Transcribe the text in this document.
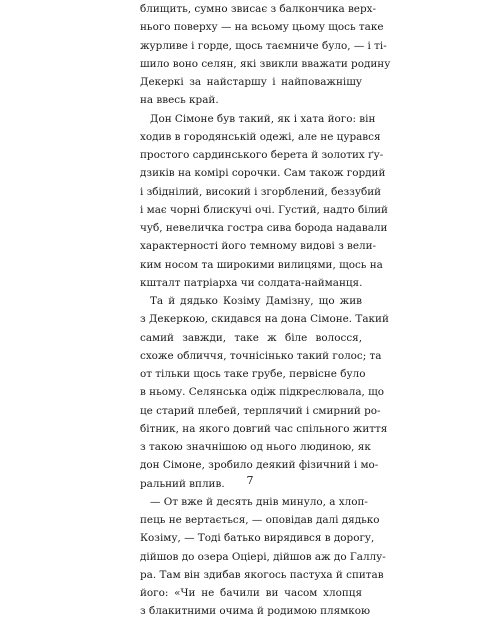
блищить, сумно звисає з балкончика верх-
нього поверху — на всьому цьому щось таке
журливе і горде, щось таємниче було, — і ті-
шило воно селян, які звикли вважати родину
Декеркі за найстаршу і найповажнішу
на ввесь край.
Дон Сімоне був такий, як і хата його: він
ходив в городянській одежі, але не цурався
простого сардинського берета й золотих ґу-
дзиків на комірі сорочки. Сам також гордий
і збіднілий, високий і згорблений, беззубий
і має чорні блискучі очі. Густий, надто білий
чуб, невеличка гостра сива борода надавали
характерності його темному видові з вели-
ким носом та широкими вилицями, щось на
кшталт патріарха чи солдата-найманця.
Та й дядько Козіму Дамізну, що жив
з Декеркою, скидався на дона Сімоне. Такий
самий завжди, таке ж біле волосся,
схоже обличчя, точнісінько такий голос; та
от тільки щось таке грубе, первісне було
в ньому. Селянська одіж підкреслювала, що
це старий плебей, терплячий і смирний ро-
бітник, на якого довгий час спільного життя
з такою значнішою од нього людиною, як
дон Сімоне, зробило деякий фізичний і мо-
ральний вплив.
— От вже й десять днів минуло, а хлоп-
пець не вертається, — оповідав далі дядько
Козіму, — Тоді батько вирядився в дорогу,
дійшов до озера Оціері, дійшов аж до Галлу-
ра. Там він здибав якогось пастуха й спитав
його: «Чи не бачили ви часом хлопця
з блакитними очима й родимою плямкою
7
